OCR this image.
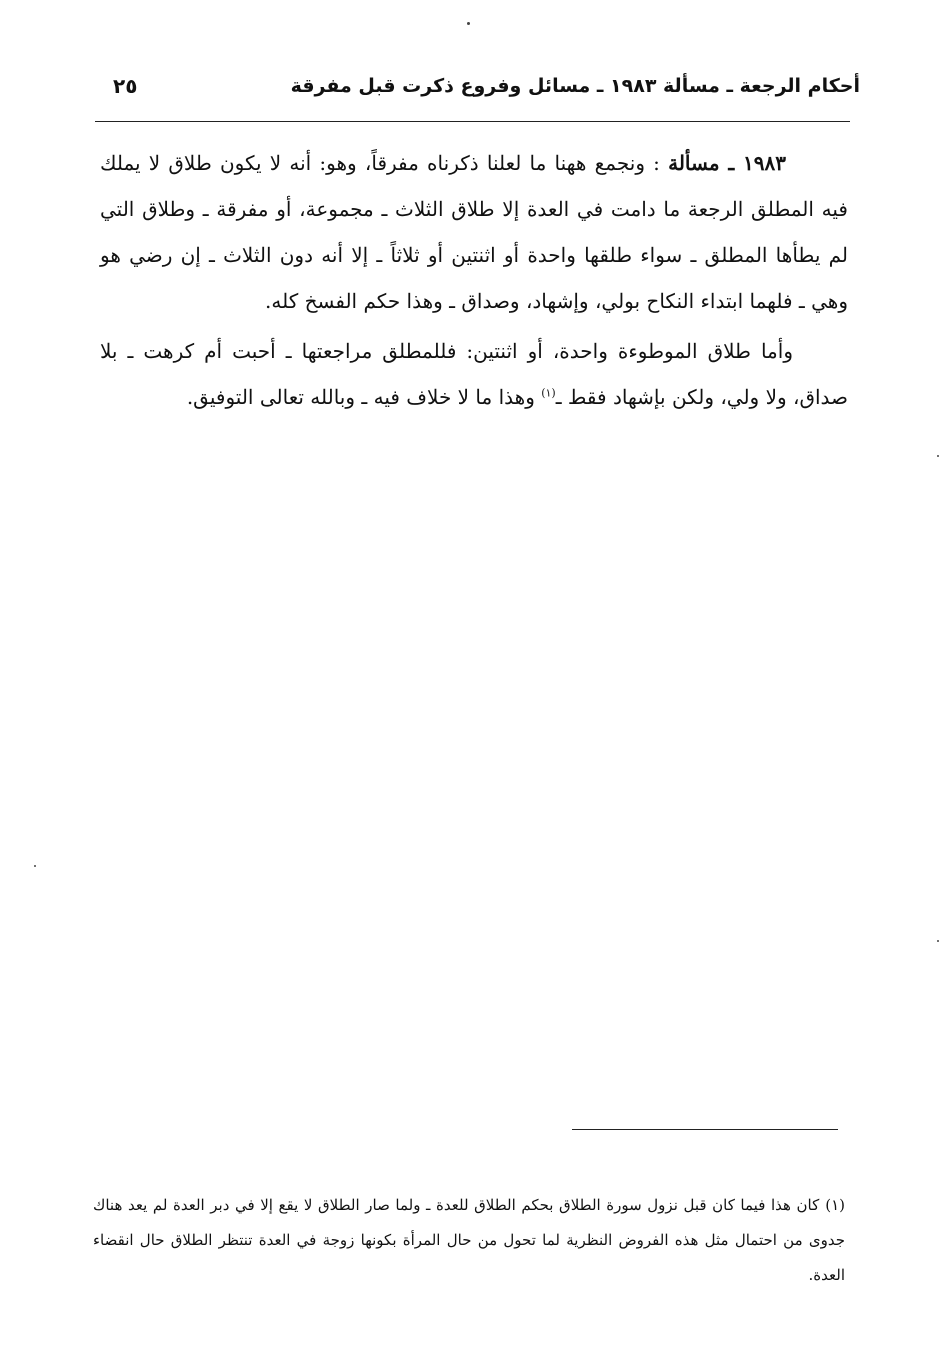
أحكام الرجعة ـ مسألة ١٩٨٣ ـ مسائل وفروع ذكرت قبل مفرقة
٢٥

١٩٨٣ ـ مسألة : ونجمع ههنا ما لعلنا ذكرناه مفرقاً، وهو: أنه لا يكون طلاق لا يملك فيه المطلق الرجعة ما دامت في العدة إلا طلاق الثلاث ـ مجموعة، أو مفرقة ـ وطلاق التي لم يطأها المطلق ـ سواء طلقها واحدة أو اثنتين أو ثلاثاً ـ إلا أنه دون الثلاث ـ إن رضي هو وهي ـ فلهما ابتداء النكاح بولي، وإشهاد، وصداق ـ وهذا حكم الفسخ كله.

وأما طلاق الموطوءة واحدة، أو اثنتين: فللمطلق مراجعتها ـ أحبت أم كرهت ـ بلا صداق، ولا ولي، ولكن بإشهاد فقط ـ$^{(١)}$ وهذا ما لا خلاف فيه ـ وبالله تعالى التوفيق.

(١)كان هذا فيما كان قبل نزول سورة الطلاق بحكم الطلاق للعدة ـ ولما صار الطلاق لا يقع إلا في دبر العدة لم يعد هناك جدوى من احتمال مثل هذه الفروض النظرية لما تحول من حال المرأة بكونها زوجة في العدة تنتظر الطلاق حال انقضاء العدة.
